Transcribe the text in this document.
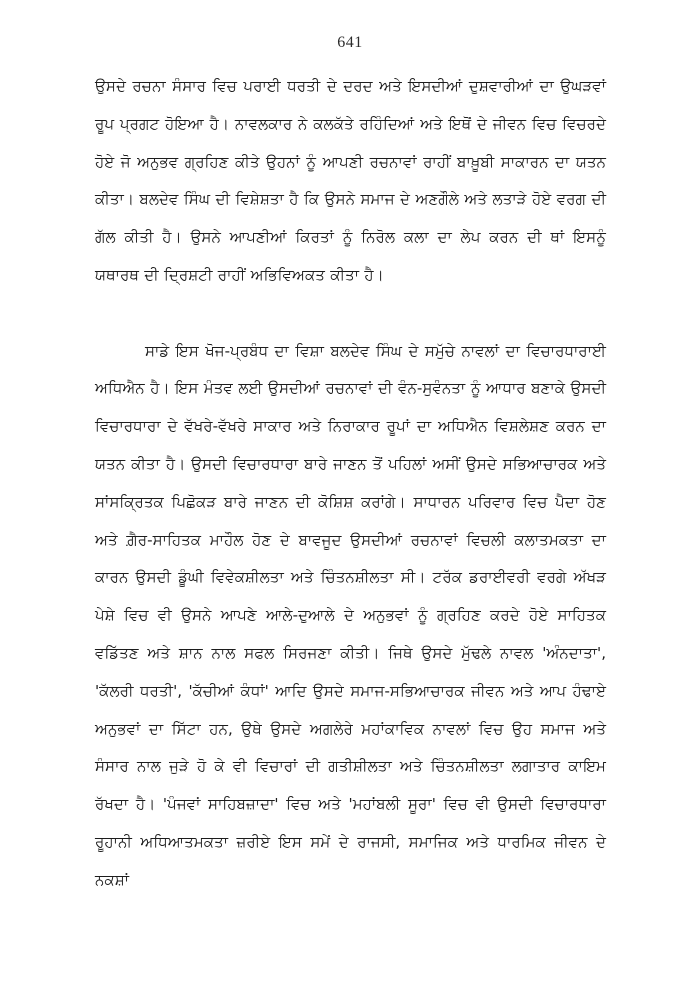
641

ਉਸਦੇ ਰਚਨਾ ਸੰਸਾਰ ਵਿਚ ਪਰਾਈ ਧਰਤੀ ਦੇ ਦਰਦ ਅਤੇ ਇਸਦੀਆਂ ਦੁਸ਼ਵਾਰੀਆਂ ਦਾ ਉਘੜਵਾਂ ਰੂਪ ਪ੍ਰਗਟ ਹੋਇਆ ਹੈ। ਨਾਵਲਕਾਰ ਨੇ ਕਲਕੱਤੇ ਰਹਿੰਦਿਆਂ ਅਤੇ ਇਥੋਂ ਦੇ ਜੀਵਨ ਵਿਚ ਵਿਚਰਦੇ ਹੋਏ ਜੋ ਅਨੁਭਵ ਗ੍ਰਹਿਣ ਕੀਤੇ ਉਹਨਾਂ ਨੂੰ ਆਪਣੀ ਰਚਨਾਵਾਂ ਰਾਹੀਂ ਬਾਖ਼ੂਬੀ ਸਾਕਾਰਨ ਦਾ ਯਤਨ ਕੀਤਾ। ਬਲਦੇਵ ਸਿੰਘ ਦੀ ਵਿਸ਼ੇਸ਼ਤਾ ਹੈ ਕਿ ਉਸਨੇ ਸਮਾਜ ਦੇ ਅਣਗੌਲੇ ਅਤੇ ਲਤਾੜੇ ਹੋਏ ਵਰਗ ਦੀ ਗੱਲ ਕੀਤੀ ਹੈ। ਉਸਨੇ ਆਪਣੀਆਂ ਕਿਰਤਾਂ ਨੂੰ ਨਿਰੋਲ ਕਲਾ ਦਾ ਲੇਪ ਕਰਨ ਦੀ ਥਾਂ ਇਸਨੂੰ ਯਥਾਰਥ ਦੀ ਦ੍ਰਿਸ਼ਟੀ ਰਾਹੀਂ ਅਭਿਵਿਅਕਤ ਕੀਤਾ ਹੈ।

ਸਾਡੇ ਇਸ ਖੋਜ-ਪ੍ਰਬੰਧ ਦਾ ਵਿਸ਼ਾ ਬਲਦੇਵ ਸਿੰਘ ਦੇ ਸਮੁੱਚੇ ਨਾਵਲਾਂ ਦਾ ਵਿਚਾਰਧਾਰਾਈ ਅਧਿਐਨ ਹੈ। ਇਸ ਮੰਤਵ ਲਈ ਉਸਦੀਆਂ ਰਚਨਾਵਾਂ ਦੀ ਵੰਨ-ਸੁਵੰਨਤਾ ਨੂੰ ਆਧਾਰ ਬਣਾਕੇ ਉਸਦੀ ਵਿਚਾਰਧਾਰਾ ਦੇ ਵੱਖਰੇ-ਵੱਖਰੇ ਸਾਕਾਰ ਅਤੇ ਨਿਰਾਕਾਰ ਰੂਪਾਂ ਦਾ ਅਧਿਐਨ ਵਿਸ਼ਲੇਸ਼ਣ ਕਰਨ ਦਾ ਯਤਨ ਕੀਤਾ ਹੈ। ਉਸਦੀ ਵਿਚਾਰਧਾਰਾ ਬਾਰੇ ਜਾਣਨ ਤੋਂ ਪਹਿਲਾਂ ਅਸੀਂ ਉਸਦੇ ਸਭਿਆਚਾਰਕ ਅਤੇ ਸਾਂਸਕ੍ਰਿਤਕ ਪਿਛੋਕੜ ਬਾਰੇ ਜਾਣਨ ਦੀ ਕੋਸ਼ਿਸ਼ ਕਰਾਂਗੇ। ਸਾਧਾਰਨ ਪਰਿਵਾਰ ਵਿਚ ਪੈਦਾ ਹੋਣ ਅਤੇ ਗ਼ੈਰ-ਸਾਹਿਤਕ ਮਾਹੌਲ ਹੋਣ ਦੇ ਬਾਵਜੂਦ ਉਸਦੀਆਂ ਰਚਨਾਵਾਂ ਵਿਚਲੀ ਕਲਾਤਮਕਤਾ ਦਾ ਕਾਰਨ ਉਸਦੀ ਡੂੰਘੀ ਵਿਵੇਕਸ਼ੀਲਤਾ ਅਤੇ ਚਿੰਤਨਸ਼ੀਲਤਾ ਸੀ। ਟਰੱਕ ਡਰਾਈਵਰੀ ਵਰਗੇ ਅੱਖੜ ਪੇਸ਼ੇ ਵਿਚ ਵੀ ਉਸਨੇ ਆਪਣੇ ਆਲੇ-ਦੁਆਲੇ ਦੇ ਅਨੁਭਵਾਂ ਨੂੰ ਗ੍ਰਹਿਣ ਕਰਦੇ ਹੋਏ ਸਾਹਿਤਕ ਵਡਿੱਤਣ ਅਤੇ ਸ਼ਾਨ ਨਾਲ ਸਫਲ ਸਿਰਜਣਾ ਕੀਤੀ। ਜਿਥੇ ਉਸਦੇ ਮੁੱਢਲੇ ਨਾਵਲ 'ਅੰਨਦਾਤਾ', 'ਕੱਲਰੀ ਧਰਤੀ', 'ਕੱਚੀਆਂ ਕੰਧਾਂ' ਆਦਿ ਉਸਦੇ ਸਮਾਜ-ਸਭਿਆਚਾਰਕ ਜੀਵਨ ਅਤੇ ਆਪ ਹੰਢਾਏ ਅਨੁਭਵਾਂ ਦਾ ਸਿੱਟਾ ਹਨ, ਉਥੇ ਉਸਦੇ ਅਗਲੇਰੇ ਮਹਾਂਕਾਵਿਕ ਨਾਵਲਾਂ ਵਿਚ ਉਹ ਸਮਾਜ ਅਤੇ ਸੰਸਾਰ ਨਾਲ ਜੁੜੇ ਹੋ ਕੇ ਵੀ ਵਿਚਾਰਾਂ ਦੀ ਗਤੀਸ਼ੀਲਤਾ ਅਤੇ ਚਿੰਤਨਸ਼ੀਲਤਾ ਲਗਾਤਾਰ ਕਾਇਮ ਰੱਖਦਾ ਹੈ। 'ਪੰਜਵਾਂ ਸਾਹਿਬਜ਼ਾਦਾ' ਵਿਚ ਅਤੇ 'ਮਹਾਂਬਲੀ ਸੂਰਾ' ਵਿਚ ਵੀ ਉਸਦੀ ਵਿਚਾਰਧਾਰਾ ਰੂਹਾਨੀ ਅਧਿਆਤਮਕਤਾ ਜ਼ਰੀਏ ਇਸ ਸਮੇਂ ਦੇ ਰਾਜਸੀ, ਸਮਾਜਿਕ ਅਤੇ ਧਾਰਮਿਕ ਜੀਵਨ ਦੇ ਨਕਸ਼ਾਂ
